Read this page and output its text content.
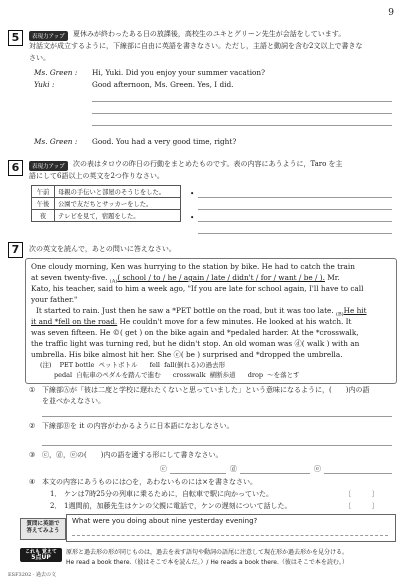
9
5	表現力アップ	夏休みが終わったある日の放課後，高校生のユキとグリーン先生が会話をしています。
対話文が成立するように，下線部に自由に英語を書きなさい。ただし，主語と動詞を含む2文以上で書きな
さい。
Ms. Green : Hi, Yuki. Did you enjoy your summer vacation?
Yuki :	Good afternoon, Ms. Green. Yes, I did.
Ms. Green : Good. You had a very good time, right?
6	表現力アップ	次の表はタロウの昨日の行動をまとめたものです。表の内容にあうように，Taro を主
語にして6語以上の英文を2つ作りなさい。
午前	母親の手伝いと部屋のそうじをした。
午後	公園で友だちとサッカーをした。
夜	テレビを見て，宿題をした。
•
•
7	次の英文を読んで，あとの問いに答えなさい。
One cloudy morning, Ken was hurrying to the station by bike. He had to catch the train
at seven twenty-five. $_{(A)}$( school / to / he / again / late / didn't / for / want / be / ). Mr.
Kato, his teacher, said to him a week ago, "If you are late for school again, I'll have to call
your father."
It started to rain. Just then he saw a *PET bottle on the road, but it was too late. $_{(B)}$He hit
it and *fell on the road. He couldn't move for a few minutes. He looked at his watch. It
was seven fifteen. He ©( get ) on the bike again and *pedaled harder. At the *crosswalk,
the traffic light was turning red, but he didn't stop. An old woman was ⓓ( walk ) with an
umbrella. His bike almost hit her. She ⓔ( be ) surprised and *dropped the umbrella.
(注) PET bottle ペットボトル fell fall(倒れる)の過去形
pedal 自転車のペダルを踏んで進む crosswalk 横断歩道 drop ～を落とす
① 下線部Ⓐが「彼は二度と学校に遅れたくないと思っていました」という意味になるように，(　　)内の語
を並べかえなさい。
② 下線部Ⓑを it の内容がわかるように日本語になおしなさい。
③ ⓒ，ⓓ，ⓔの(　　)内の語を適する形にして書きなさい。
ⓒ	ⓓ	ⓔ
④ 本文の内容にあうものには○を，あわないものには×を書きなさい。
1． ケンは7時25分の列車に乗るために，自転車で駅に向かっていた。	〔　　　〕
2． 1週間前，加藤先生はケンの父親に電話で，ケンの遅刻について話した。	〔　　　〕
質問に英語で
答えてみよう
What were you doing about nine yesterday evening?
これも 覚えて
5点UP
原形と過去形の形が同じものは，過去を表す語句や動詞の語尾に注意して現在形か過去形かを見分ける。
He read a book there.（彼はそこで本を読んだ。）/ He reads a book there.（彼はそこで本を読む。）
ESF3202 · 過去の文
